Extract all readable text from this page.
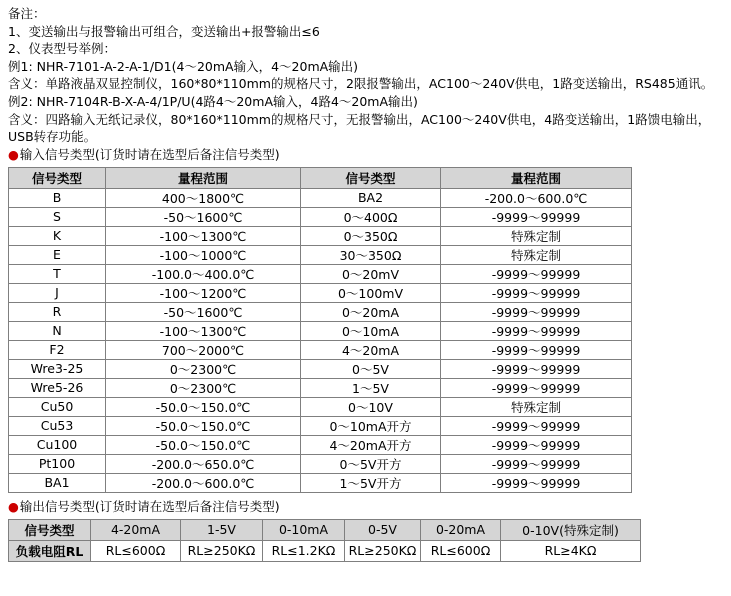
备注：

1、变送输出与报警输出可组合，变送输出+报警输出≤6

2、仪表型号举例：

例1: NHR-7101-A-2-A-1/D1(4～20mA输入，4～20mA输出)

含义：单路液晶双显控制仪，160*80*110mm的规格尺寸，2限报警输出，AC100～240V供电，1路变送输出，RS485通讯。

例2: NHR-7104R-B-X-A-4/1P/U(4路4～20mA输入，4路4～20mA输出)

含义：四路输入无纸记录仪，80*160*110mm的规格尺寸，无报警输出，AC100～240V供电，4路变送输出，1路馈电输出，USB转存功能。

●输入信号类型(订货时请在选型后备注信号类型)

信号类型	量程范围	信号类型	量程范围
B	400～1800℃	BA2	-200.0～600.0℃
S	-50～1600℃	0～400Ω	-9999～99999
K	-100～1300℃	0～350Ω	特殊定制
E	-100～1000℃	30～350Ω	特殊定制
T	-100.0～400.0℃	0～20mV	-9999～99999
J	-100～1200℃	0～100mV	-9999～99999
R	-50～1600℃	0～20mA	-9999～99999
N	-100～1300℃	0～10mA	-9999～99999
F2	700～2000℃	4～20mA	-9999～99999
Wre3-25	0～2300℃	0～5V	-9999～99999
Wre5-26	0～2300℃	1～5V	-9999～99999
Cu50	-50.0～150.0℃	0～10V	特殊定制
Cu53	-50.0～150.0℃	0～10mA开方	-9999～99999
Cu100	-50.0～150.0℃	4～20mA开方	-9999～99999
Pt100	-200.0～650.0℃	0～5V开方	-9999～99999
BA1	-200.0～600.0℃	1～5V开方	-9999～99999

●输出信号类型(订货时请在选型后备注信号类型)

信号类型	4-20mA	1-5V	0-10mA	0-5V	0-20mA	0-10V(特殊定制)
负载电阻RL	RL≤600Ω	RL≥250KΩ	RL≤1.2KΩ	RL≥250KΩ	RL≤600Ω	RL≥4KΩ
